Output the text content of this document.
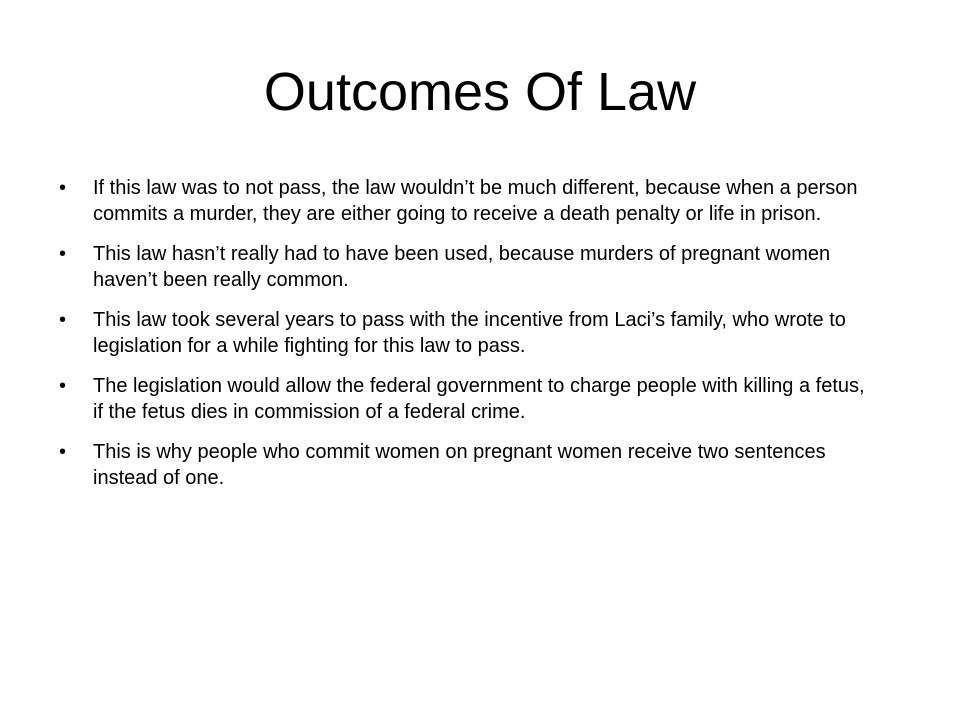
Outcomes Of Law
• If this law was to not pass, the law wouldn’t be much different, because when a person commits a murder, they are either going to receive a death penalty or life in prison.
• This law hasn’t really had to have been used, because murders of pregnant women haven’t been really common.
• This law took several years to pass with the incentive from Laci’s family, who wrote to legislation for a while fighting for this law to pass.
• The legislation would allow the federal government to charge people with killing a fetus, if the fetus dies in commission of a federal crime.
• This is why people who commit women on pregnant women receive two sentences instead of one.
